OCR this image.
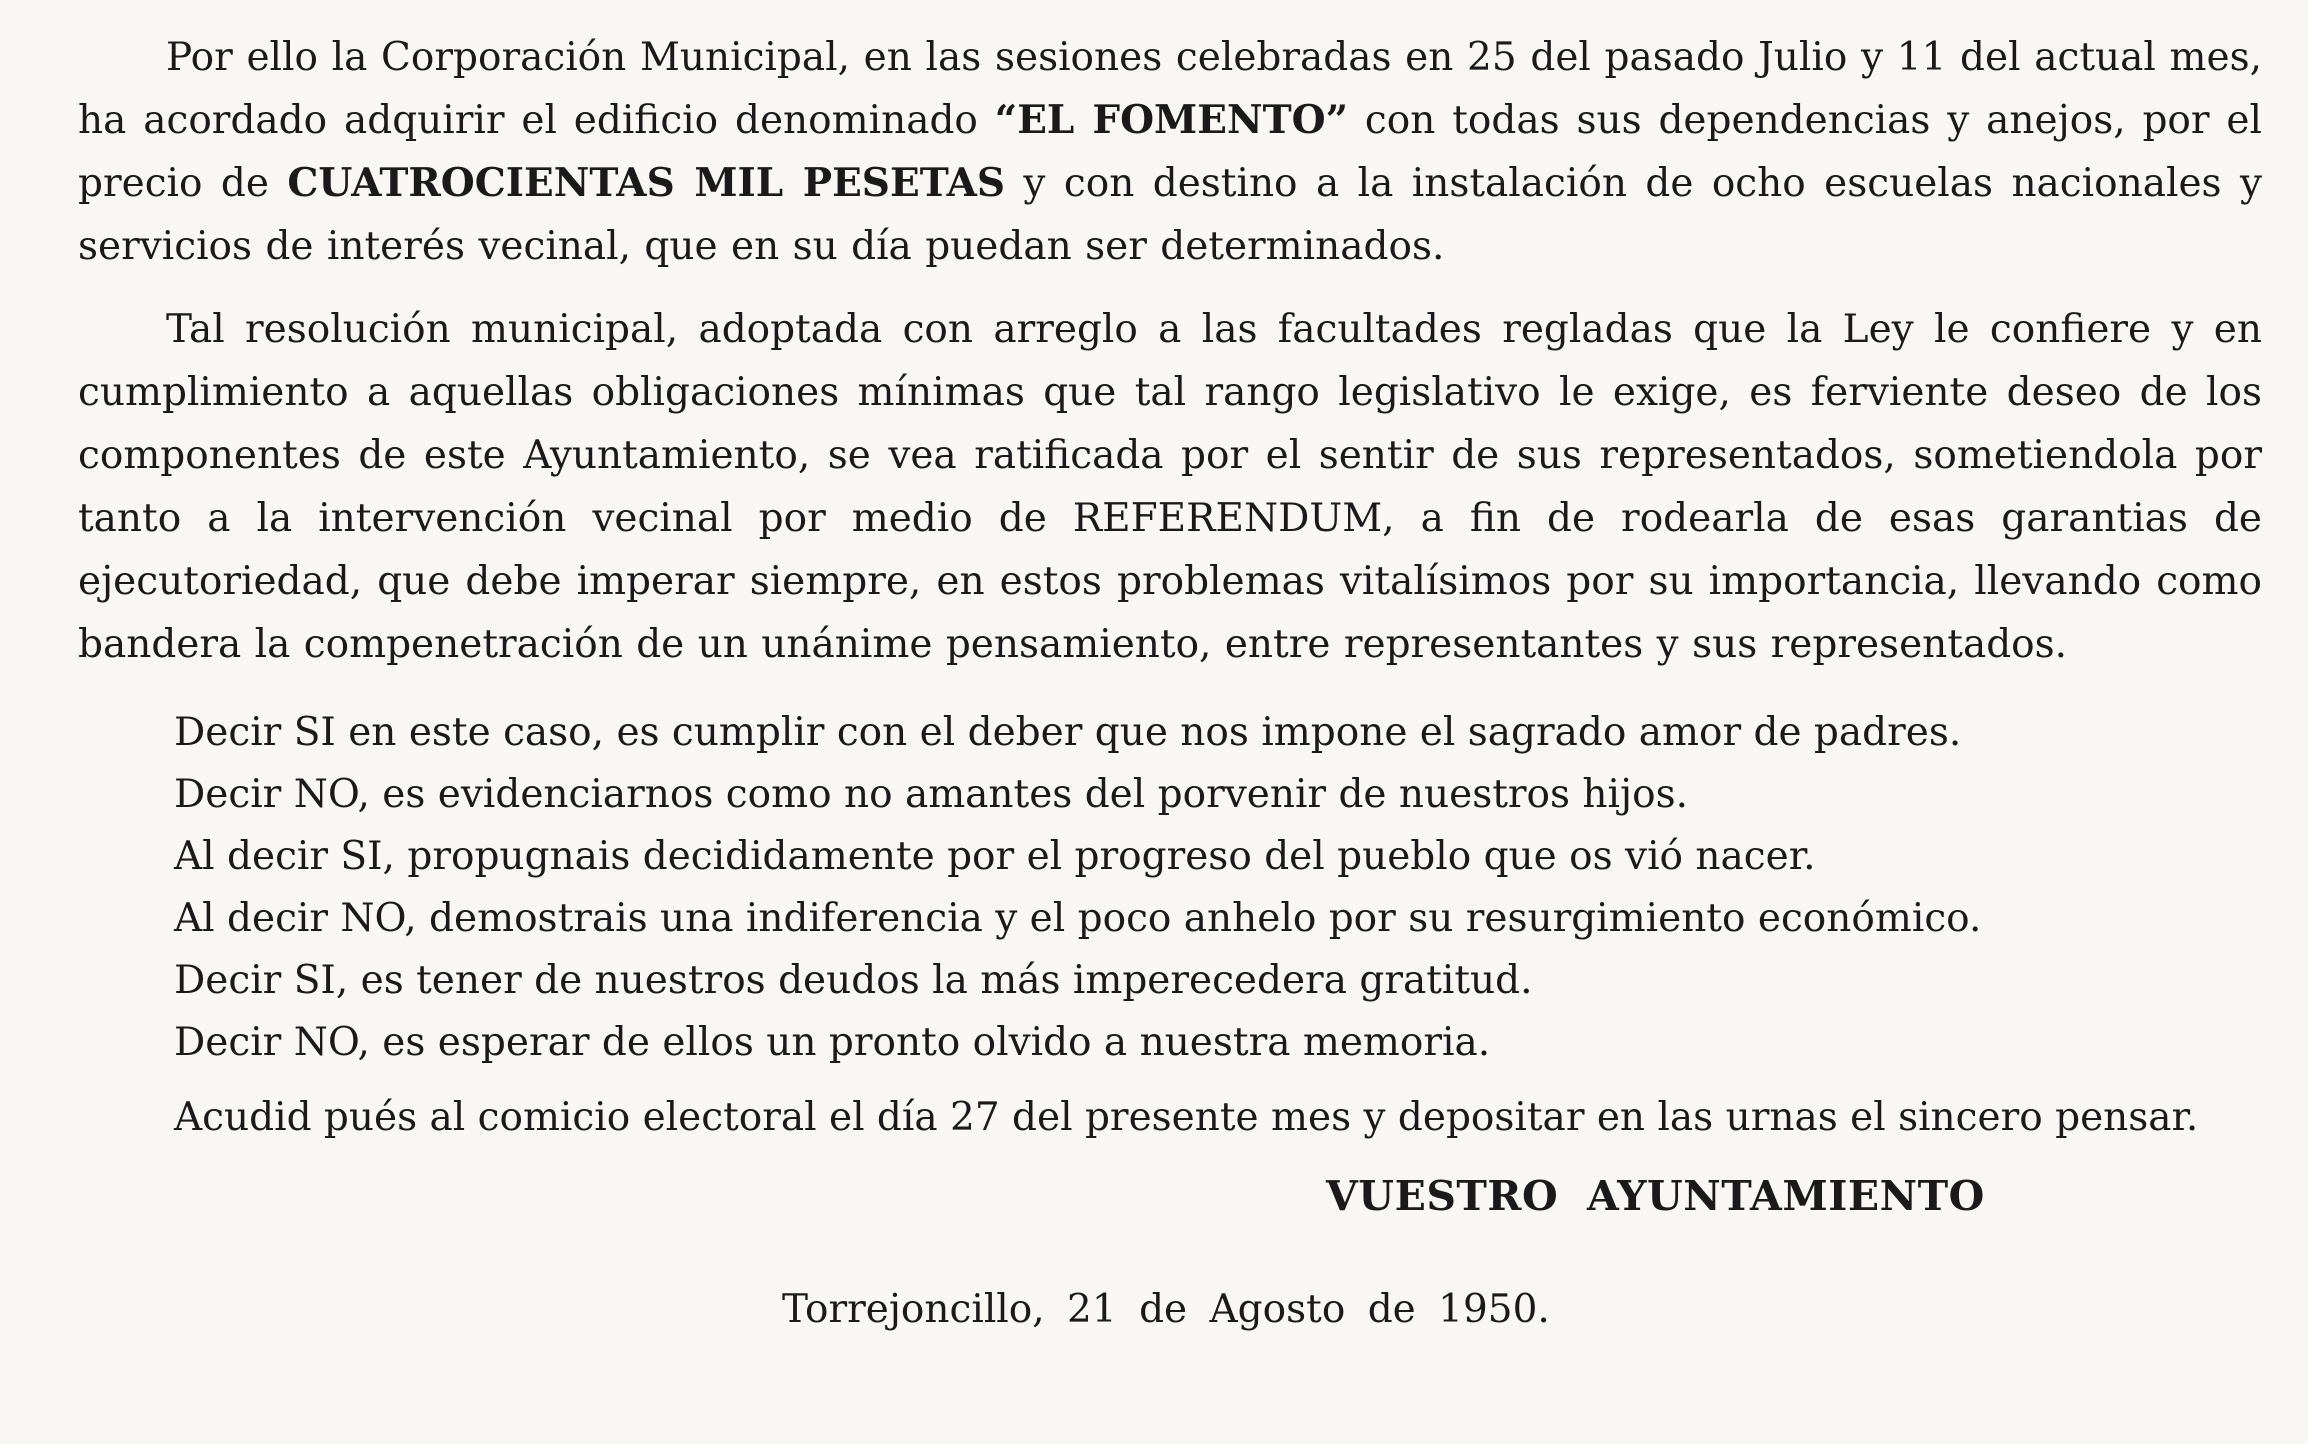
Por ello la Corporación Municipal, en las sesiones celebradas en 25 del pasado Julio y 11 del actual mes, ha acordado adquirir el edificio denominado “EL FOMENTO” con todas sus dependencias y anejos, por el precio de CUATROCIENTAS MIL PESETAS y con destino a la instalación de ocho escuelas nacionales y servicios de interés vecinal, que en su día puedan ser determinados.

Tal resolución municipal, adoptada con arreglo a las facultades regladas que la Ley le confiere y en cumplimiento a aquellas obligaciones mínimas que tal rango legislativo le exige, es ferviente deseo de los componentes de este Ayuntamiento, se vea ratificada por el sentir de sus representados, sometiendola por tanto a la intervención vecinal por medio de REFERENDUM, a fin de rodearla de esas garantias de ejecutoriedad, que debe imperar siempre, en estos problemas vitalísimos por su importancia, llevando como bandera la compenetración de un unánime pensamiento, entre representantes y sus representados.

Decir SI en este caso, es cumplir con el deber que nos impone el sagrado amor de padres.
Decir NO, es evidenciarnos como no amantes del porvenir de nuestros hijos.
Al decir SI, propugnais decididamente por el progreso del pueblo que os vió nacer.
Al decir NO, demostrais una indiferencia y el poco anhelo por su resurgimiento económico.
Decir SI, es tener de nuestros deudos la más imperecedera gratitud.
Decir NO, es esperar de ellos un pronto olvido a nuestra memoria.
Acudid pués al comicio electoral el día 27 del presente mes y depositar en las urnas el sincero pensar.
VUESTRO AYUNTAMIENTO
Torrejoncillo, 21 de Agosto de 1950.
